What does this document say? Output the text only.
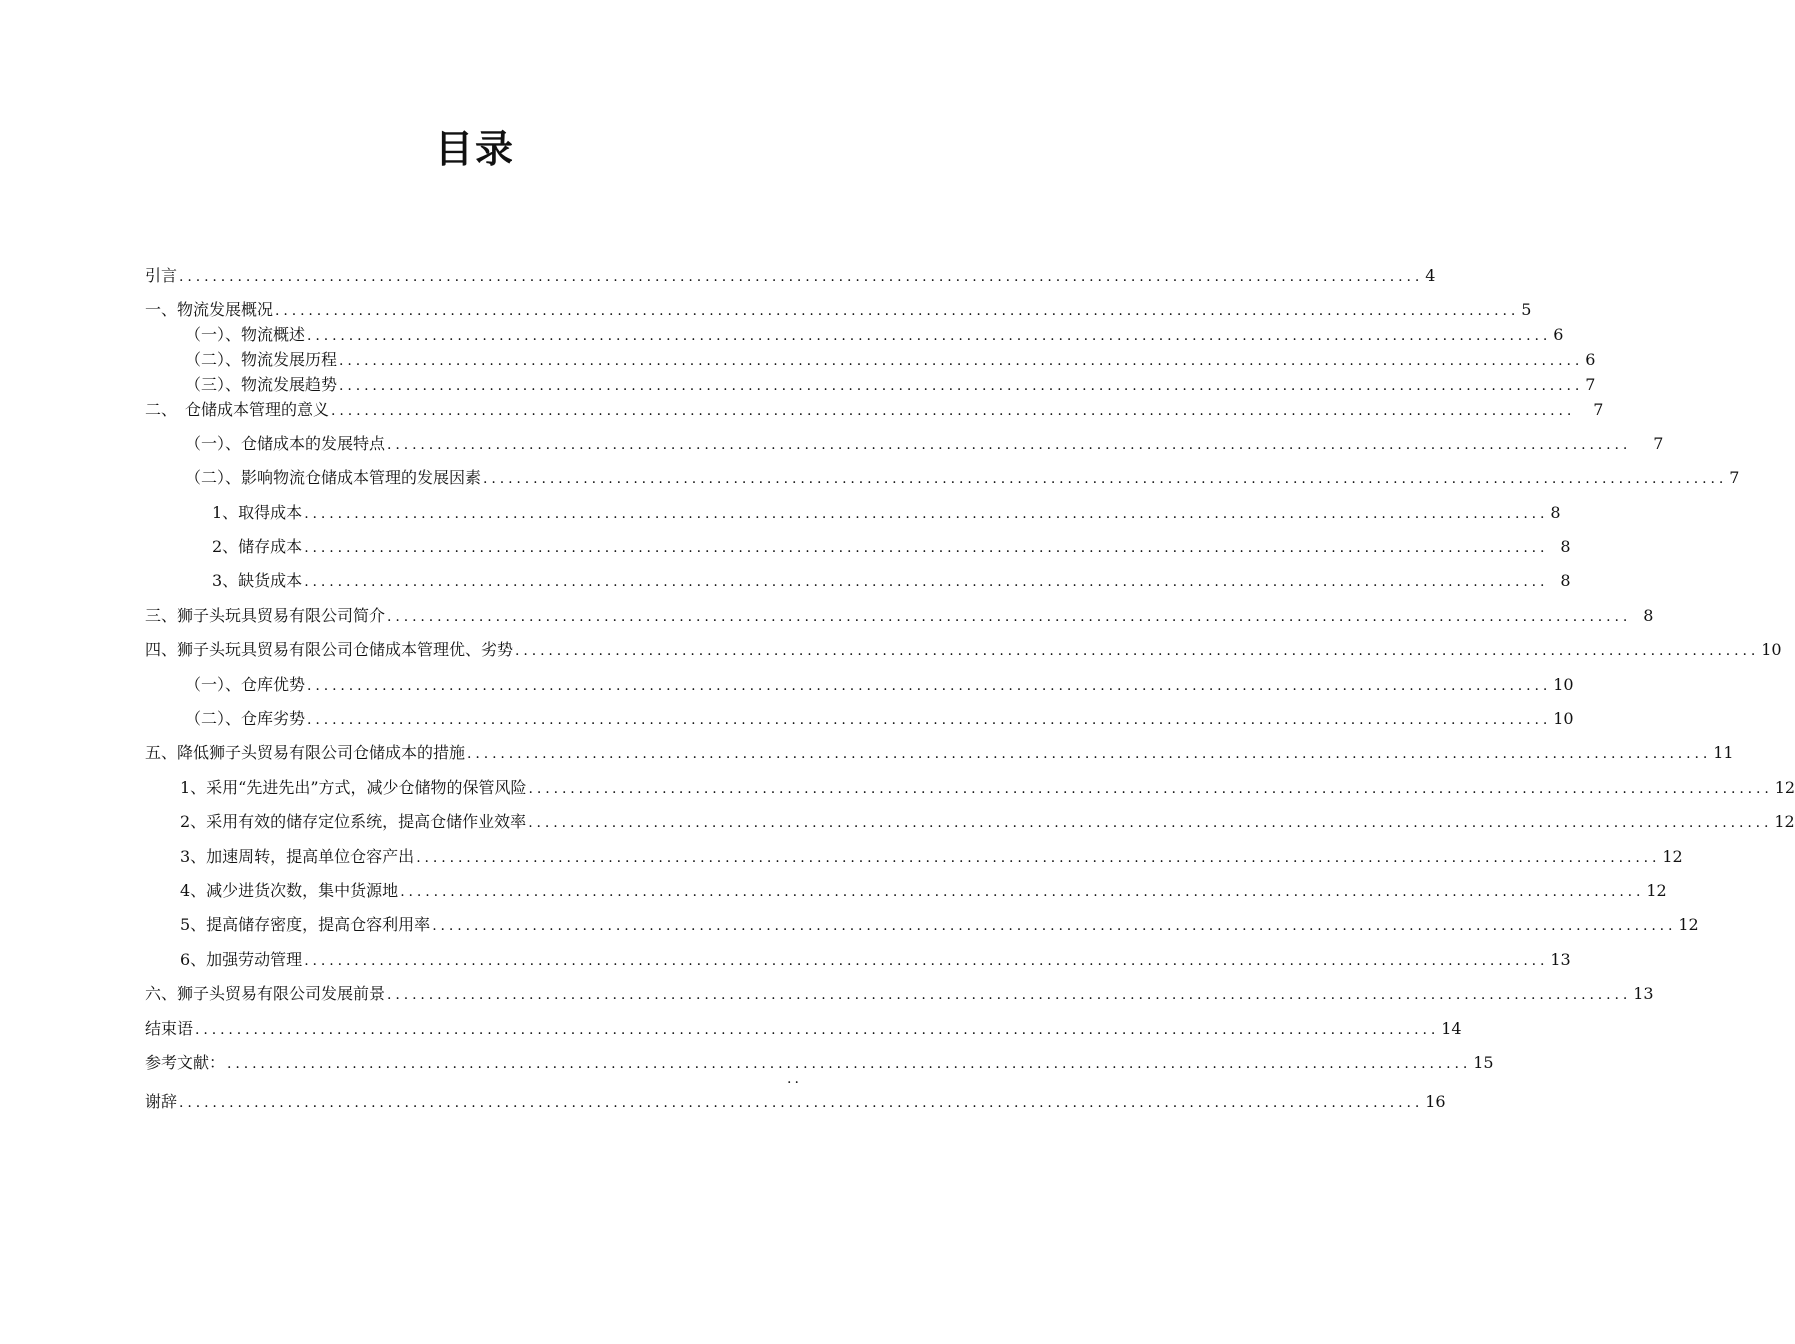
目录
引言 ..................................................................................................................................................... 4
一、物流发展概况 ..................................................................................................................................................... 5
（一）、物流概述 ..................................................................................................................................................... 6
（二）、物流发展历程 ..................................................................................................................................................... 6
（三）、物流发展趋势 ..................................................................................................................................................... 7
二、　仓储成本管理的意义 ..................................................................................................................................................... 7
（一）、仓储成本的发展特点 ..................................................................................................................................................... 7
（二）、影响物流仓储成本管理的发展因素 ..................................................................................................................................................... 7
1、取得成本 ..................................................................................................................................................... 8
2、储存成本 ..................................................................................................................................................... 8
3、缺货成本 ..................................................................................................................................................... 8
三、狮子头玩具贸易有限公司简介 ..................................................................................................................................................... 8
四、狮子头玩具贸易有限公司仓储成本管理优、劣势 ..................................................................................................................................................... 10
（一）、仓库优势 ..................................................................................................................................................... 10
（二）、仓库劣势 ..................................................................................................................................................... 10
五、降低狮子头贸易有限公司仓储成本的措施 ..................................................................................................................................................... 11
1、采用“先进先出”方式，减少仓储物的保管风险 ..................................................................................................................................................... 12
2、采用有效的储存定位系统，提高仓储作业效率 ..................................................................................................................................................... 12
3、加速周转，提高单位仓容产出 ..................................................................................................................................................... 12
4、减少进货次数，集中货源地 ..................................................................................................................................................... 12
5、提高储存密度，提高仓容利用率 ..................................................................................................................................................... 12
6、加强劳动管理 ..................................................................................................................................................... 13
六、狮子头贸易有限公司发展前景 ..................................................................................................................................................... 13
结束语 ..................................................................................................................................................... 14
参考文献： ..................................................................................................................................................... 15
..
谢辞 ..................................................................................................................................................... 16
